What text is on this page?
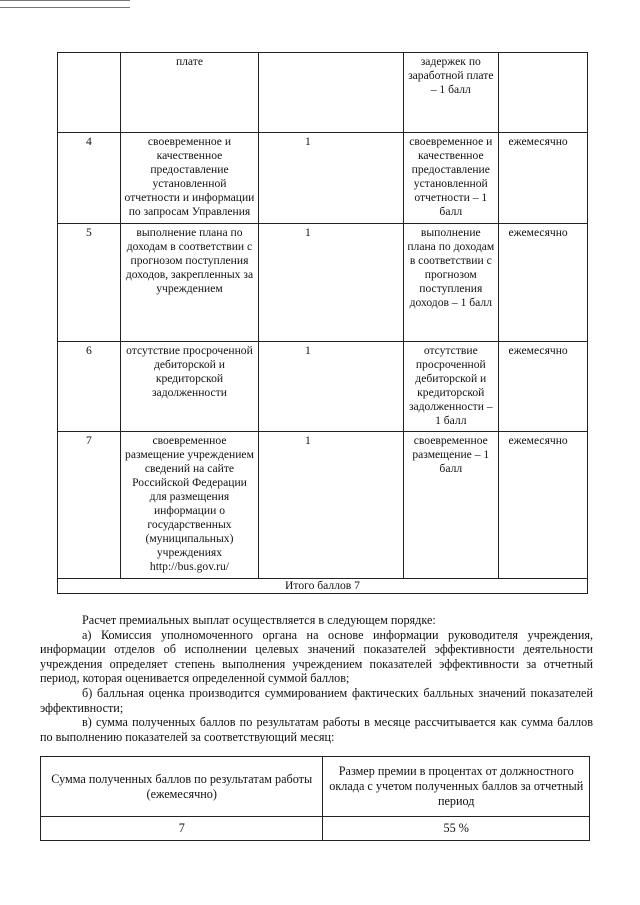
	плате		задержек по заработной плате – 1 балл	
4	своевременное и качественное предоставление установленной отчетности и информации по запросам Управления	1	своевременное и качественное предоставление установленной отчетности – 1 балл	ежемесячно
5	выполнение плана по доходам в соответствии с прогнозом поступления доходов, закрепленных за учреждением	1	выполнение плана по доходам в соответствии с прогнозом поступления доходов – 1 балл	ежемесячно
6	отсутствие просроченной дебиторской и кредиторской задолженности	1	отсутствие просроченной дебиторской и кредиторской задолженности – 1 балл	ежемесячно
7	своевременное размещение учреждением сведений на сайте Российской Федерации для размещения информации о государственных (муниципальных) учреждениях http://bus.gov.ru/	1	своевременное размещение – 1 балл	ежемесячно
Итого баллов 7				

Расчет премиальных выплат осуществляется в следующем порядке:

а) Комиссия уполномоченного органа на основе информации руководителя учреждения, информации отделов об исполнении целевых значений показателей эффективности деятельности учреждения определяет степень выполнения учреждением показателей эффективности за отчетный период, которая оценивается определенной суммой баллов;

б) балльная оценка производится суммированием фактических балльных значений показателей эффективности;

в) сумма полученных баллов по результатам работы в месяце рассчитывается как сумма баллов по выполнению показателей за соответствующий месяц:

Сумма полученных баллов по результатам работы (ежемесячно)	Размер премии в процентах от должностного оклада с учетом полученных баллов за отчетный период
7	55 %
